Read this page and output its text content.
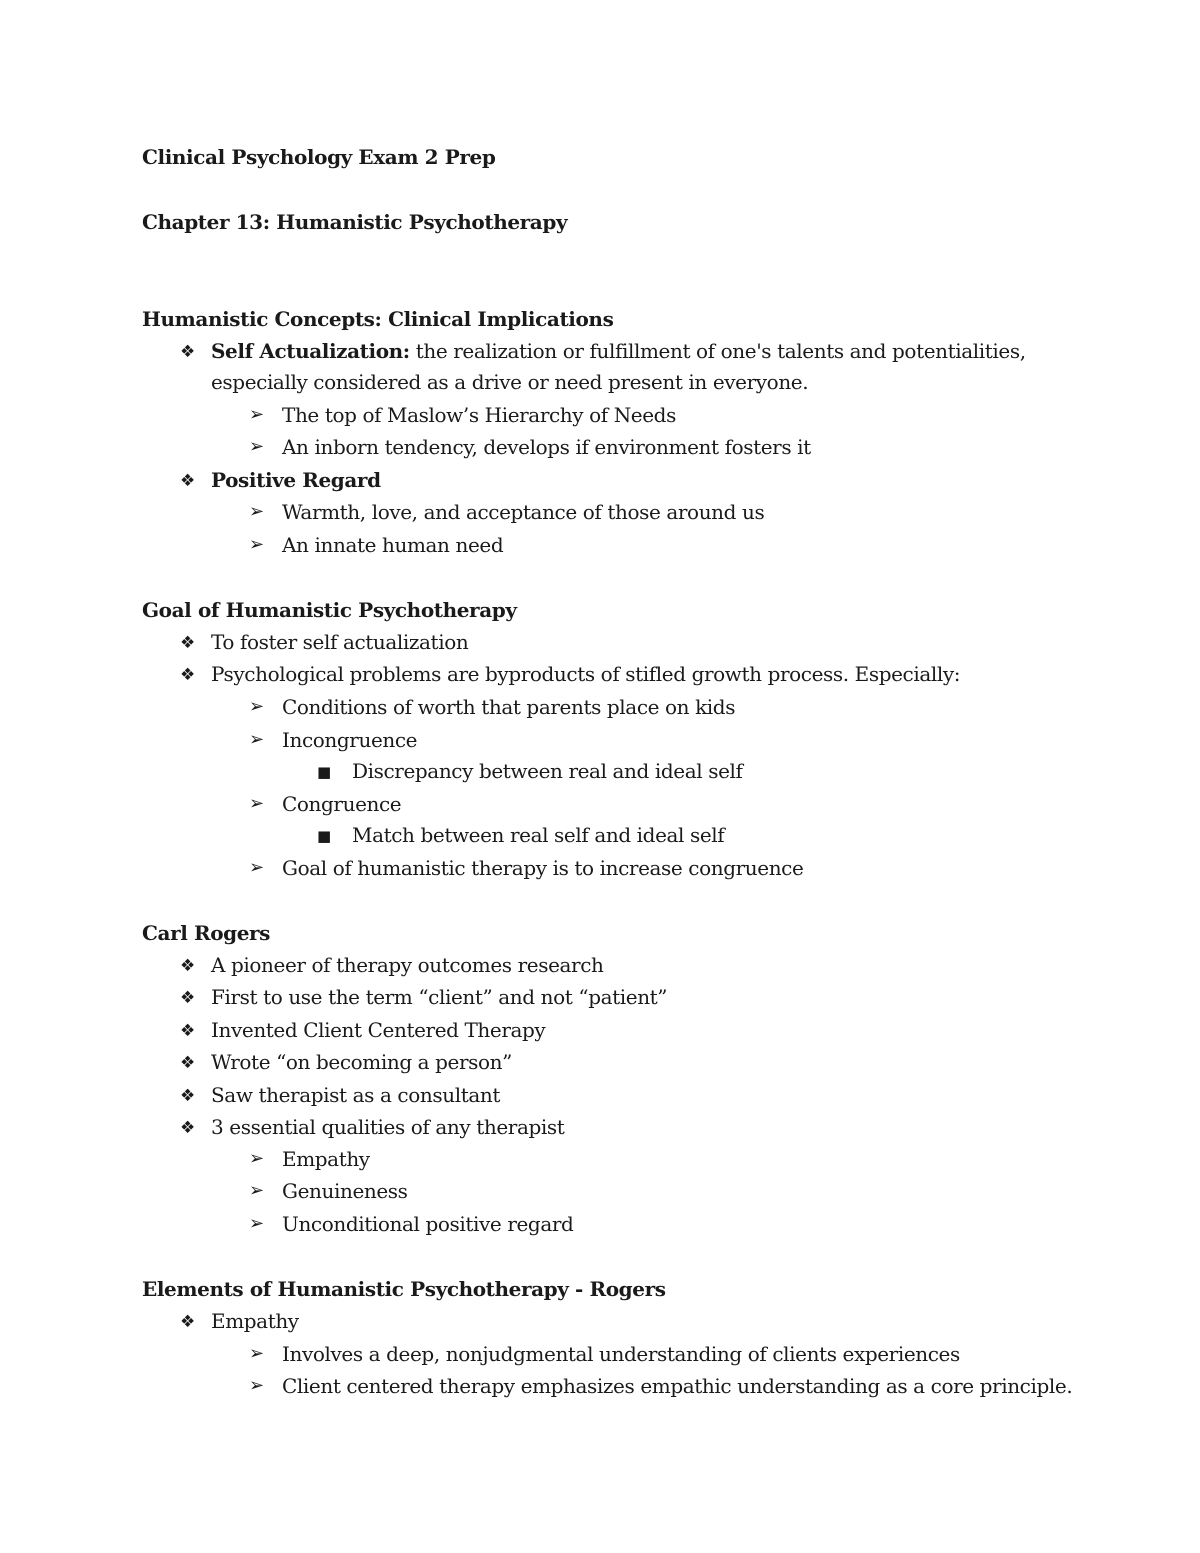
Clinical Psychology Exam 2 Prep
Chapter 13: Humanistic Psychotherapy
Humanistic Concepts: Clinical Implications
❖ Self Actualization: the realization or fulfillment of one's talents and potentialities,
especially considered as a drive or need present in everyone.
➢ The top of Maslow’s Hierarchy of Needs
➢ An inborn tendency, develops if environment fosters it
❖ Positive Regard
➢ Warmth, love, and acceptance of those around us
➢ An innate human need
Goal of Humanistic Psychotherapy
❖ To foster self actualization
❖ Psychological problems are byproducts of stifled growth process. Especially:
➢ Conditions of worth that parents place on kids
➢ Incongruence
■ Discrepancy between real and ideal self
➢ Congruence
■ Match between real self and ideal self
➢ Goal of humanistic therapy is to increase congruence
Carl Rogers
❖ A pioneer of therapy outcomes research
❖ First to use the term “client” and not “patient”
❖ Invented Client Centered Therapy
❖ Wrote “on becoming a person”
❖ Saw therapist as a consultant
❖ 3 essential qualities of any therapist
➢ Empathy
➢ Genuineness
➢ Unconditional positive regard
Elements of Humanistic Psychotherapy - Rogers
❖ Empathy
➢ Involves a deep, nonjudgmental understanding of clients experiences
➢ Client centered therapy emphasizes empathic understanding as a core principle.
